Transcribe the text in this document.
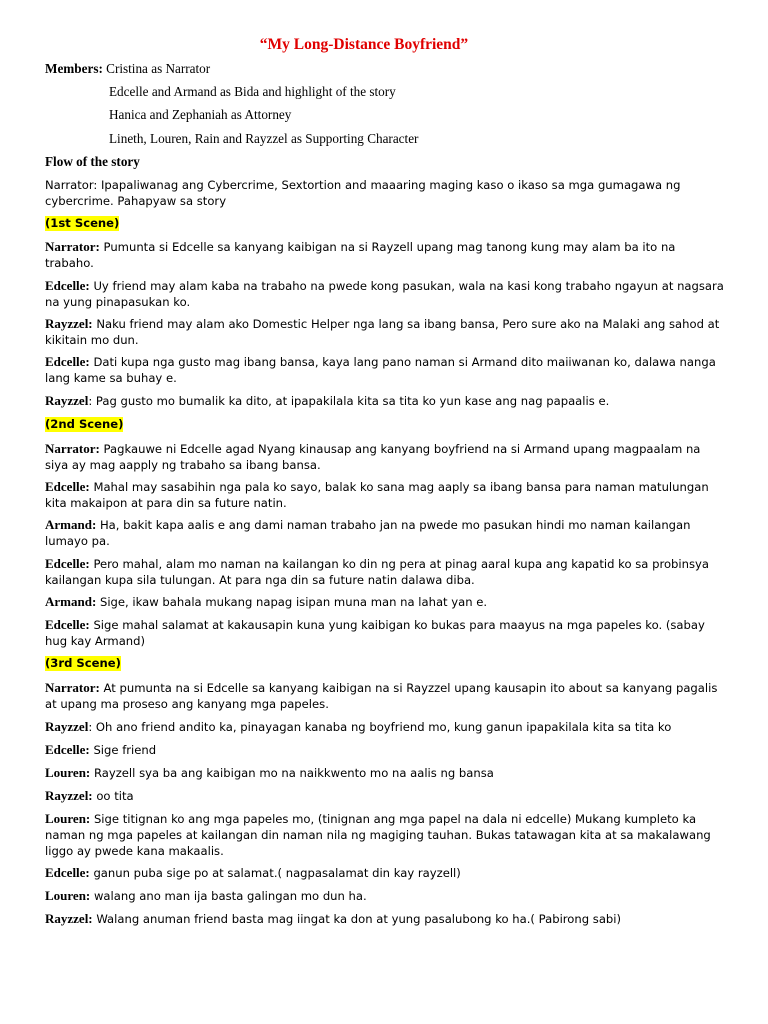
“My Long-Distance Boyfriend”
Members: Cristina as Narrator
Edcelle and Armand as Bida and highlight of the story
Hanica and Zephaniah as Attorney
Lineth, Louren, Rain and Rayzzel as Supporting Character
Flow of the story
Narrator: Ipapaliwanag ang Cybercrime, Sextortion and maaaring maging kaso o ikaso sa mga gumagawa ng cybercrime. Pahapyaw sa story
(1st Scene)
Narrator: Pumunta si Edcelle sa kanyang kaibigan na si Rayzell upang mag tanong kung may alam ba ito na trabaho.
Edcelle: Uy friend may alam kaba na trabaho na pwede kong pasukan, wala na kasi kong trabaho ngayun at nagsara na yung pinapasukan ko.
Rayzzel: Naku friend may alam ako Domestic Helper nga lang sa ibang bansa, Pero sure ako na Malaki ang sahod at kikitain mo dun.
Edcelle: Dati kupa nga gusto mag ibang bansa, kaya lang pano naman si Armand dito maiiwanan ko, dalawa nanga lang kame sa buhay e.
Rayzzel: Pag gusto mo bumalik ka dito, at ipapakilala kita sa tita ko yun kase ang nag papaalis e.
(2nd Scene)
Narrator: Pagkauwe ni Edcelle agad Nyang kinausap ang kanyang boyfriend na si Armand upang magpaalam na siya ay mag aapply ng trabaho sa ibang bansa.
Edcelle: Mahal may sasabihin nga pala ko sayo, balak ko sana mag aaply sa ibang bansa para naman matulungan kita makaipon at para din sa future natin.
Armand: Ha, bakit kapa aalis e ang dami naman trabaho jan na pwede mo pasukan hindi mo naman kailangan lumayo pa.
Edcelle: Pero mahal, alam mo naman na kailangan ko din ng pera at pinag aaral kupa ang kapatid ko sa probinsya kailangan kupa sila tulungan. At para nga din sa future natin dalawa diba.
Armand: Sige, ikaw bahala mukang napag isipan muna man na lahat yan e.
Edcelle: Sige mahal salamat at kakausapin kuna yung kaibigan ko bukas para maayus na mga papeles ko. (sabay hug kay Armand)
(3rd Scene)
Narrator: At pumunta na si Edcelle sa kanyang kaibigan na si Rayzzel upang kausapin ito about sa kanyang pagalis at upang ma proseso ang kanyang mga papeles.
Rayzzel: Oh ano friend andito ka, pinayagan kanaba ng boyfriend mo, kung ganun ipapakilala kita sa tita ko
Edcelle: Sige friend
Louren: Rayzell sya ba ang kaibigan mo na naikkwento mo na aalis ng bansa
Rayzzel: oo tita
Louren: Sige titignan ko ang mga papeles mo, (tinignan ang mga papel na dala ni edcelle) Mukang kumpleto ka naman ng mga papeles at kailangan din naman nila ng magiging tauhan. Bukas tatawagan kita at sa makalawang liggo ay pwede kana makaalis.
Edcelle: ganun puba sige po at salamat.( nagpasalamat din kay rayzell)
Louren: walang ano man ija basta galingan mo dun ha.
Rayzzel: Walang anuman friend basta mag iingat ka don at yung pasalubong ko ha.( Pabirong sabi)
